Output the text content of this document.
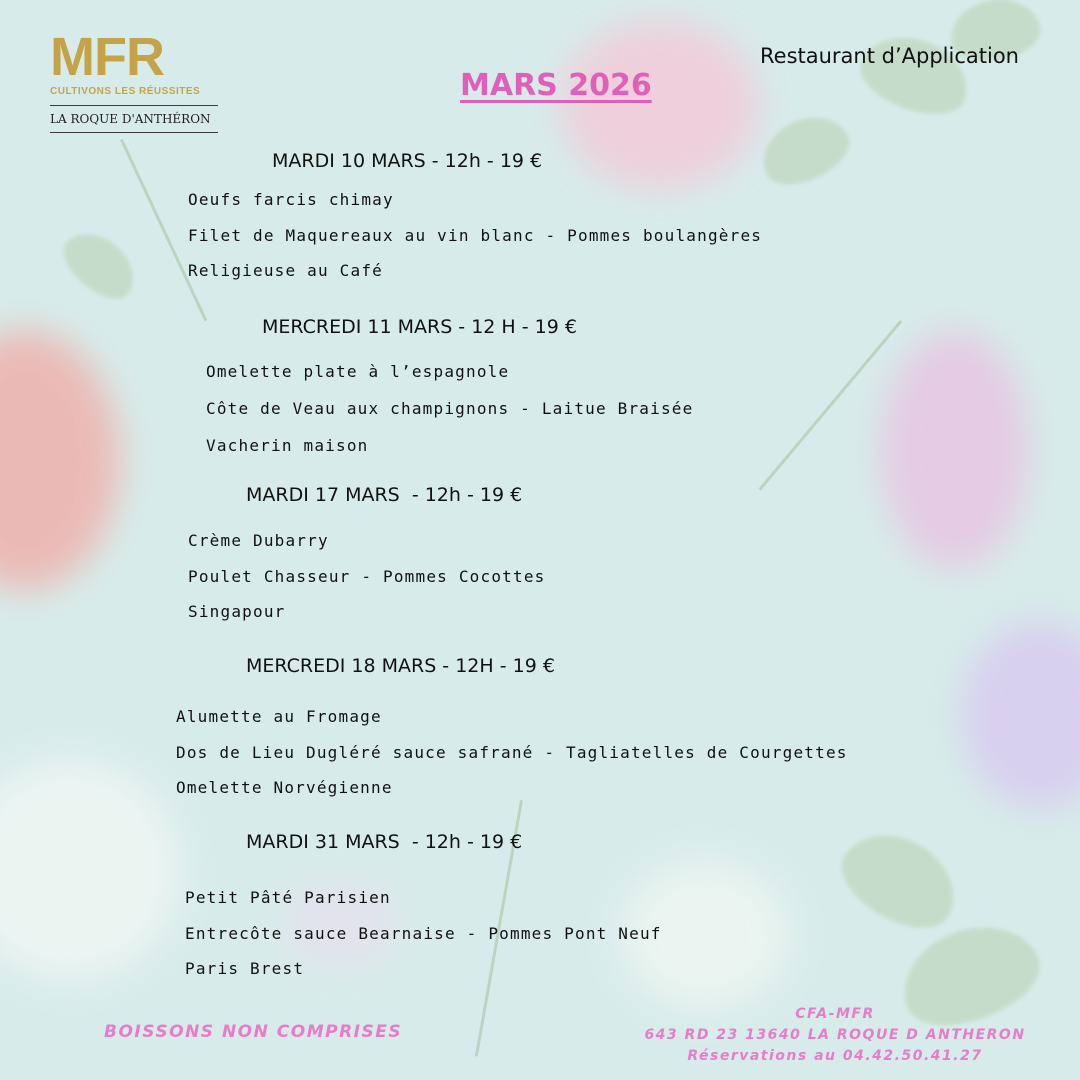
MFR
CULTIVONS LES RÉUSSITES
LA ROQUE D'ANTHÉRON
Restaurant d’Application
MARS 2026
MARDI 10 MARS - 12h - 19 €
Oeufs farcis chimay
Filet de Maquereaux au vin blanc - Pommes boulangères
Religieuse au Café
MERCREDI 11 MARS - 12 H - 19 €
Omelette plate à l’espagnole
Côte de Veau aux champignons - Laitue Braisée
Vacherin maison
MARDI 17 MARS  - 12h - 19 €
Crème Dubarry
Poulet Chasseur - Pommes Cocottes
Singapour
MERCREDI 18 MARS - 12H - 19 €
Alumette au Fromage
Dos de Lieu Dugléré sauce safrané - Tagliatelles de Courgettes
Omelette Norvégienne
MARDI 31 MARS  - 12h - 19 €
Petit Pâté Parisien
Entrecôte sauce Bearnaise - Pommes Pont Neuf
Paris Brest
BOISSONS NON COMPRISES
CFA-MFR
643 RD 23 13640 LA ROQUE D ANTHERON
Réservations au 04.42.50.41.27
